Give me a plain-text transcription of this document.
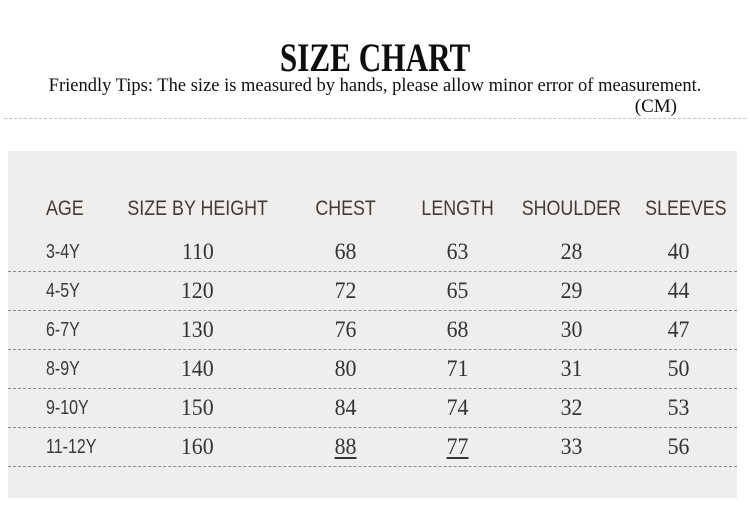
SIZE CHART
Friendly Tips: The size is measured by hands, please allow minor error of measurement.
(CM)
AGE	SIZE BY HEIGHT	CHEST	LENGTH	SHOULDER	SLEEVES
3-4Y	110	68	63	28	40
4-5Y	120	72	65	29	44
6-7Y	130	76	68	30	47
8-9Y	140	80	71	31	50
9-10Y	150	84	74	32	53
11-12Y	160	88	77	33	56
